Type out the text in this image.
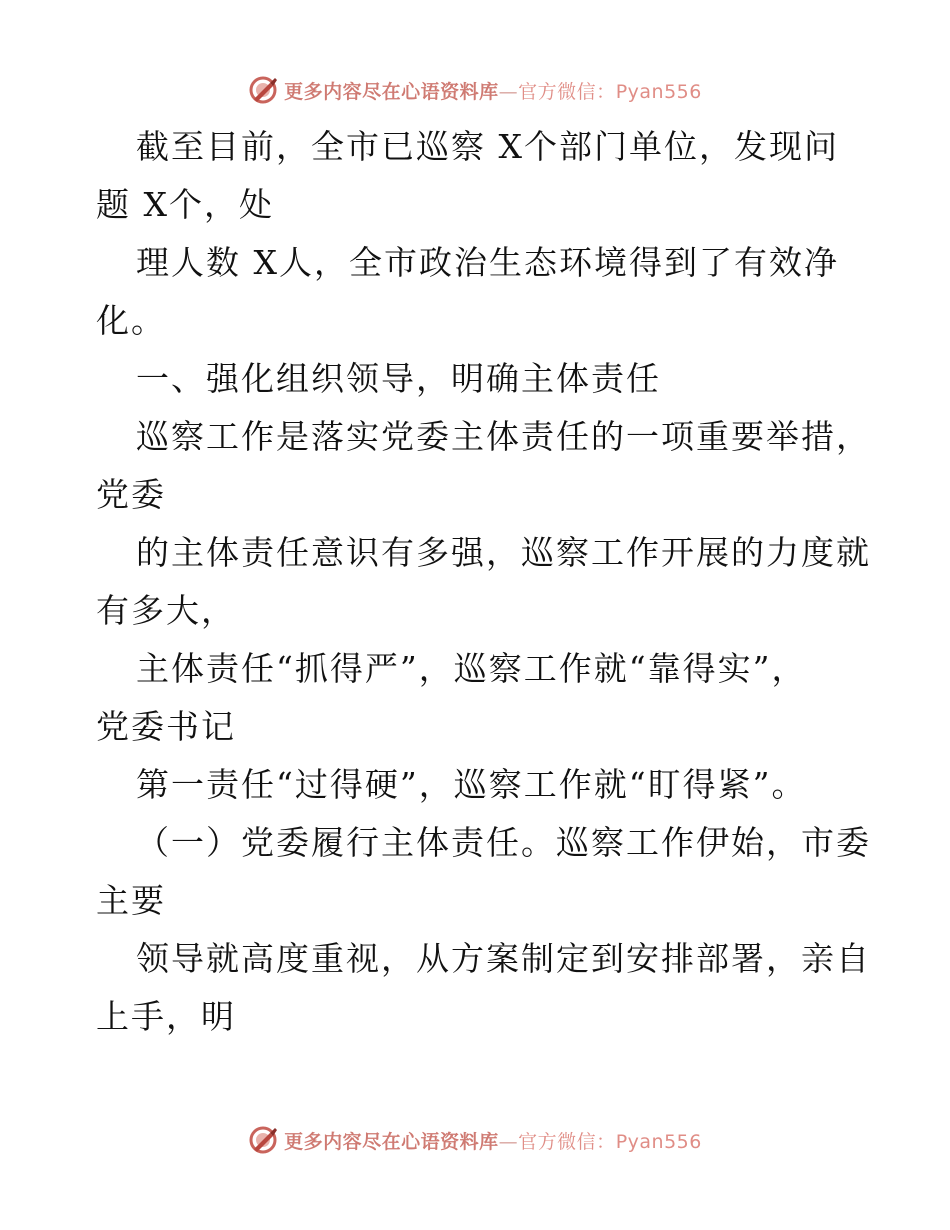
更多内容尽在心语资料库—官方微信：Pyan556
截至目前，全市已巡察 X个部门单位，发现问
题 X个，处
理人数 X人，全市政治生态环境得到了有效净
化。
一、强化组织领导，明确主体责任
巡察工作是落实党委主体责任的一项重要举措，
党委
的主体责任意识有多强，巡察工作开展的力度就
有多大，
主体责任“抓得严”，巡察工作就“靠得实”，
党委书记
第一责任“过得硬”，巡察工作就“盯得紧”。
（一）党委履行主体责任。巡察工作伊始，市委
主要
领导就高度重视，从方案制定到安排部署，亲自
上手，明
更多内容尽在心语资料库—官方微信：Pyan556
